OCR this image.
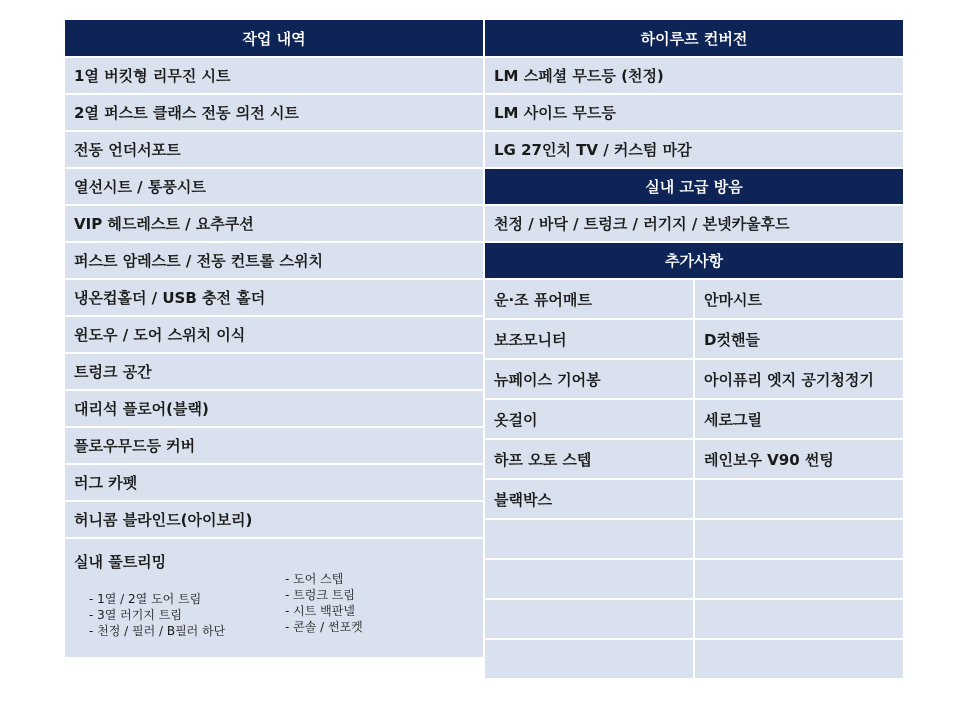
작업 내역
1열 버킷형 리무진 시트
2열 퍼스트 클래스 전동 의전 시트
전동 언더서포트
열선시트 / 통풍시트
VIP 헤드레스트 / 요추쿠션
퍼스트 암레스트 / 전동 컨트롤 스위치
냉온컵홀더 / USB 충전 홀더
윈도우 / 도어 스위치 이식
트렁크 공간
대리석 플로어(블랙)
플로우무드등 커버
러그 카펫
허니콤 블라인드(아이보리)
실내 풀트리밍
- 1열 / 2열 도어 트림
- 3열 러기지 트림
- 천정 / 필러 / B필러 하단
- 도어 스텝
- 트렁크 트림
- 시트 백판넬
- 콘솔 / 썬포켓
하이루프 컨버전
LM 스페셜 무드등 (천정)
LM 사이드 무드등
LG 27인치 TV / 커스텀 마감
실내 고급 방음
천정 / 바닥 / 트렁크 / 러기지 / 본넷카울후드
추가사항
운·조 퓨어매트	안마시트
보조모니터	D컷핸들
뉴페이스 기어봉	아이퓨리 엣지 공기청정기
옷걸이	세로그릴
하프 오토 스텝	레인보우 V90 썬팅
블랙박스
